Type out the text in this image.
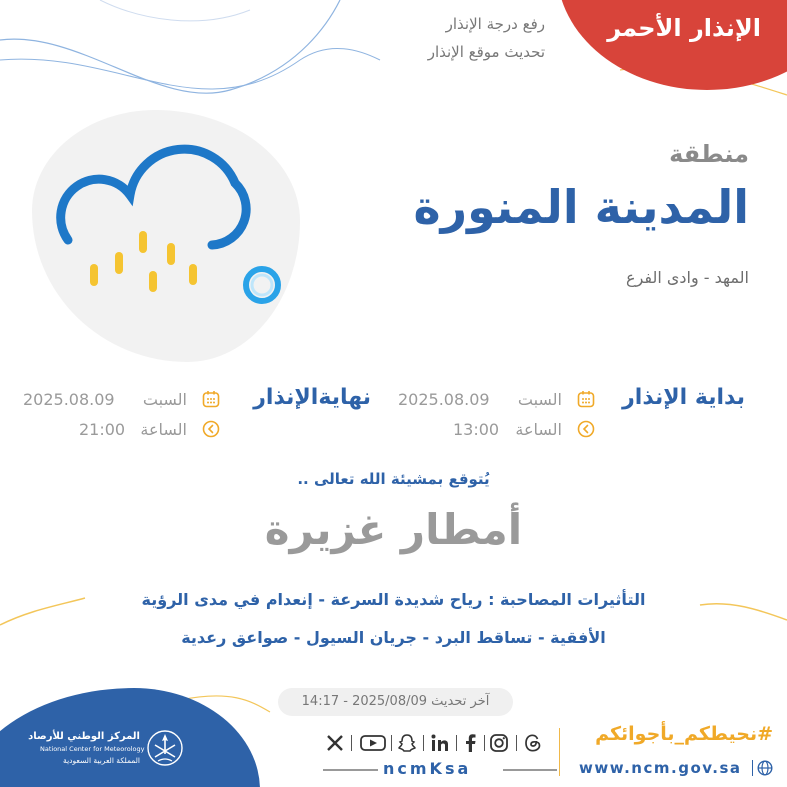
الإنذار الأحمر
رفع درجة الإنذار
تحديث موقع الإنذار
منطقة
المدينة المنورة
المهد - وادى الفرع
بداية الإنذار
السبت
2025.08.09
الساعة
13:00
نهايةالإنذار
السبت
2025.08.09
الساعة
21:00
يُتوقع بمشيئة الله تعالى ..
أمطار غزيرة
التأثيرات المصاحبة : رياح شديدة السرعة - إنعدام في مدى الرؤية
الأفقية - تساقط البرد - جريان السيول - صواعق رعدية
آخر تحديث 2025/08/09 - 14:17
المركز الوطني للأرصاد
National Center for Meteorology
المملكة العربية السعودية	ncmKsa
#نحيطكم_بأجوائكم
www.ncm.gov.sa
